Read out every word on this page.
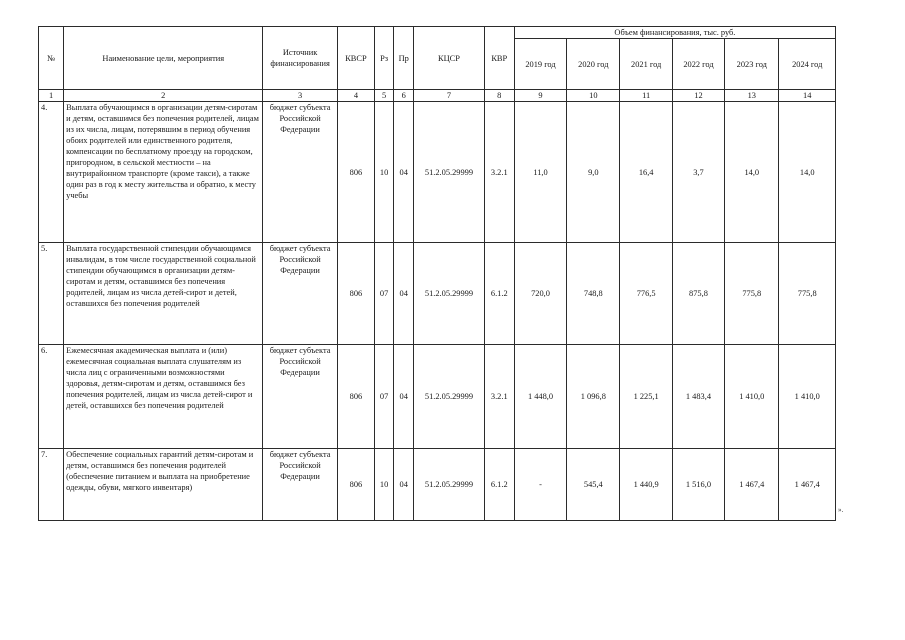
№	Наименование цели, мероприятия	Источник финансирования	КВСР	Рз	Пр	КЦСР	КВР	Объем финансирования, тыс. руб.					
								2019 год	2020 год	2021 год	2022 год	2023 год	2024 год
1	2	3	4	5	6	7	8	9	10	11	12	13	14
4.	Выплата обучающимся в организации детям-сиротам и детям, оставшимся без попечения родителей, лицам из их числа, лицам, потерявшим в период обучения обоих родителей или единственного родителя, компенсации по бесплатному проезду на городском, пригородном, в сельской местности – на внутрирайонном транспорте (кроме такси), а также один раз в год к месту жительства и обратно, к месту учебы	бюджет субъекта Российской Федерации	806	10	04	51.2.05.29999	3.2.1	11,0	9,0	16,4	3,7	14,0	14,0
5.	Выплата государственной стипендии обучающимся инвалидам, в том числе государственной социальной стипендии обучающимся в организации детям-сиротам и детям, оставшимся без попечения родителей, лицам из числа детей-сирот и детей, оставшихся без попечения родителей	бюджет субъекта Российской Федерации	806	07	04	51.2.05.29999	6.1.2	720,0	748,8	776,5	875,8	775,8	775,8
6.	Ежемесячная академическая выплата и (или) ежемесячная социальная выплата слушателям из числа лиц с ограниченными возможностями здоровья, детям-сиротам и детям, оставшимся без попечения родителей, лицам из числа детей-сирот и детей, оставшихся без попечения родителей	бюджет субъекта Российской Федерации	806	07	04	51.2.05.29999	3.2.1	1 448,0	1 096,8	1 225,1	1 483,4	1 410,0	1 410,0
7.	Обеспечение социальных гарантий детям-сиротам и детям, оставшимся без попечения родителей (обеспечение питанием и выплата на приобретение одежды, обуви, мягкого инвентаря)	бюджет субъекта Российской Федерации	806	10	04	51.2.05.29999	6.1.2	-	545,4	1 440,9	1 516,0	1 467,4	1 467,4
».
